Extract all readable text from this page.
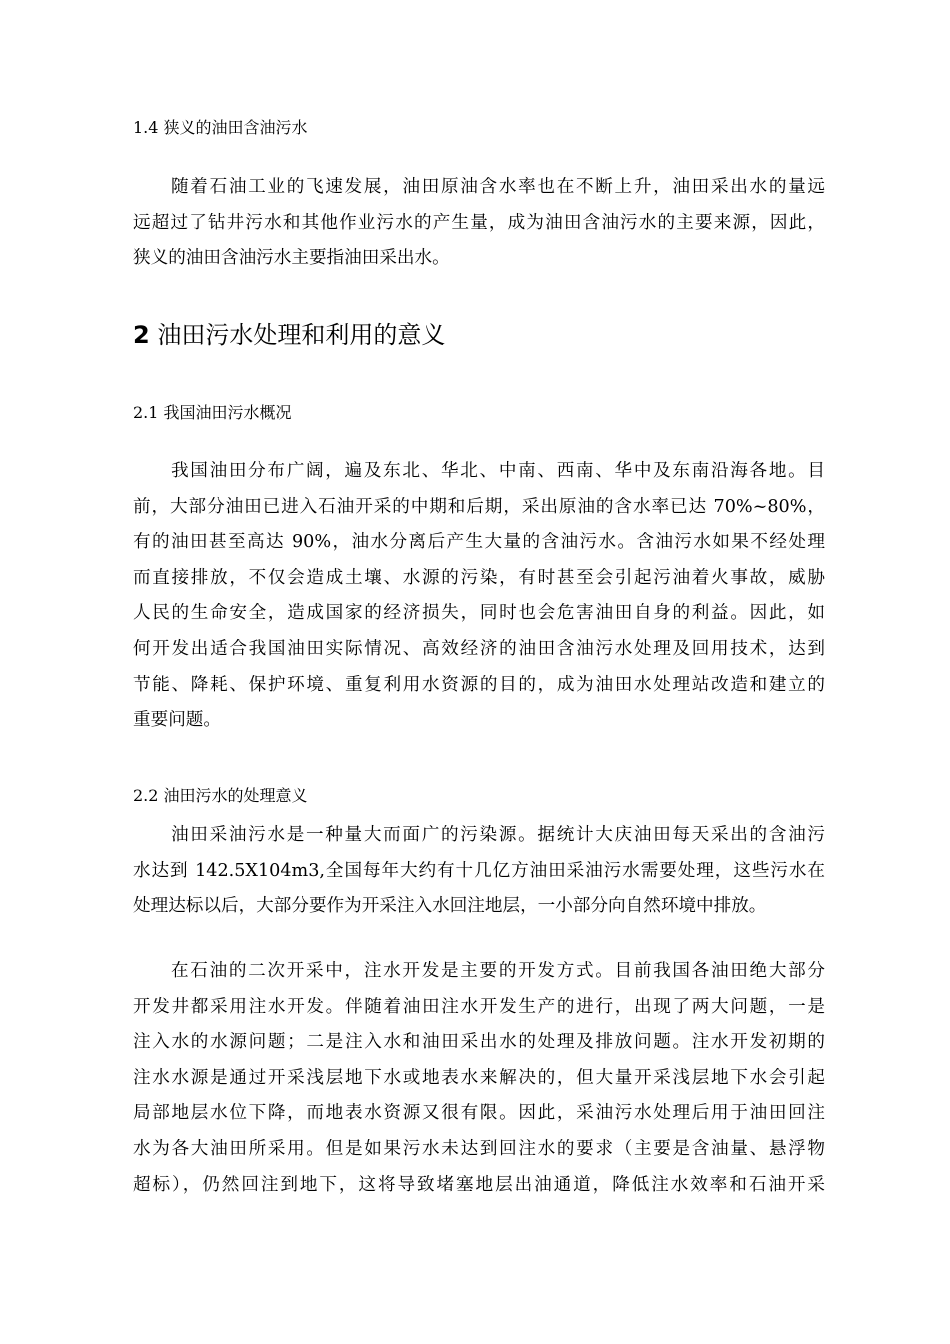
1.4 狭义的油田含油污水
随着石油工业的飞速发展，油田原油含水率也在不断上升，油田采出水的量远
远超过了钻井污水和其他作业污水的产生量，成为油田含油污水的主要来源，因此，
狭义的油田含油污水主要指油田采出水。
2 油田污水处理和利用的意义
2.1 我国油田污水概况
我国油田分布广阔，遍及东北、华北、中南、西南、华中及东南沿海各地。目
前，大部分油田已进入石油开采的中期和后期，采出原油的含水率已达 70%~80%，
有的油田甚至高达 90%，油水分离后产生大量的含油污水。含油污水如果不经处理
而直接排放，不仅会造成土壤、水源的污染，有时甚至会引起污油着火事故，威胁
人民的生命安全，造成国家的经济损失，同时也会危害油田自身的利益。因此，如
何开发出适合我国油田实际情况、高效经济的油田含油污水处理及回用技术，达到
节能、降耗、保护环境、重复利用水资源的目的，成为油田水处理站改造和建立的
重要问题。
2.2 油田污水的处理意义
油田采油污水是一种量大而面广的污染源。据统计大庆油田每天采出的含油污
水达到 142.5X104m3,全国每年大约有十几亿方油田采油污水需要处理，这些污水在
处理达标以后，大部分要作为开采注入水回注地层，一小部分向自然环境中排放。
在石油的二次开采中，注水开发是主要的开发方式。目前我国各油田绝大部分
开发井都采用注水开发。伴随着油田注水开发生产的进行，出现了两大问题，一是
注入水的水源问题；二是注入水和油田采出水的处理及排放问题。注水开发初期的
注水水源是通过开采浅层地下水或地表水来解决的，但大量开采浅层地下水会引起
局部地层水位下降，而地表水资源又很有限。因此，采油污水处理后用于油田回注
水为各大油田所采用。但是如果污水未达到回注水的要求（主要是含油量、悬浮物
超标），仍然回注到地下，这将导致堵塞地层出油通道，降低注水效率和石油开采
